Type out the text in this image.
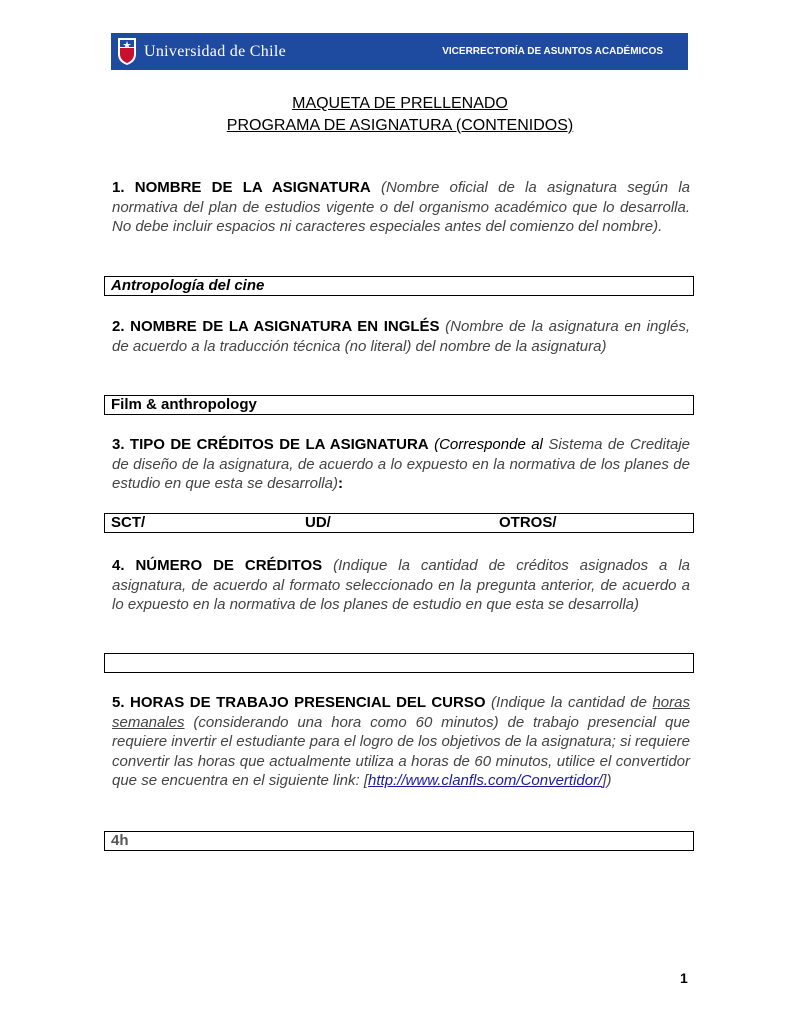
Universidad de Chile	VICERRECTORÍA DE ASUNTOS ACADÉMICOS
MAQUETA DE PRELLENADO
PROGRAMA DE ASIGNATURA (CONTENIDOS)
1. NOMBRE DE LA ASIGNATURA (Nombre oficial de la asignatura según la normativa del plan de estudios vigente o del organismo académico que lo desarrolla. No debe incluir espacios ni caracteres especiales antes del comienzo del nombre).
Antropología del cine
2. NOMBRE DE LA ASIGNATURA EN INGLÉS (Nombre de la asignatura en inglés, de acuerdo a la traducción técnica (no literal) del nombre de la asignatura)
Film & anthropology
3. TIPO DE CRÉDITOS DE LA ASIGNATURA (Corresponde al Sistema de Creditaje de diseño de la asignatura, de acuerdo a lo expuesto en la normativa de los planes de estudio en que esta se desarrolla):
SCT/	UD/	OTROS/
4. NÚMERO DE CRÉDITOS (Indique la cantidad de créditos asignados a la asignatura, de acuerdo al formato seleccionado en la pregunta anterior, de acuerdo a lo expuesto en la normativa de los planes de estudio en que esta se desarrolla)
5. HORAS DE TRABAJO PRESENCIAL DEL CURSO (Indique la cantidad de horas semanales (considerando una hora como 60 minutos) de trabajo presencial que requiere invertir el estudiante para el logro de los objetivos de la asignatura; si requiere convertir las horas que actualmente utiliza a horas de 60 minutos, utilice el convertidor que se encuentra en el siguiente link: [http://www.clanfls.com/Convertidor/])
4h
1
